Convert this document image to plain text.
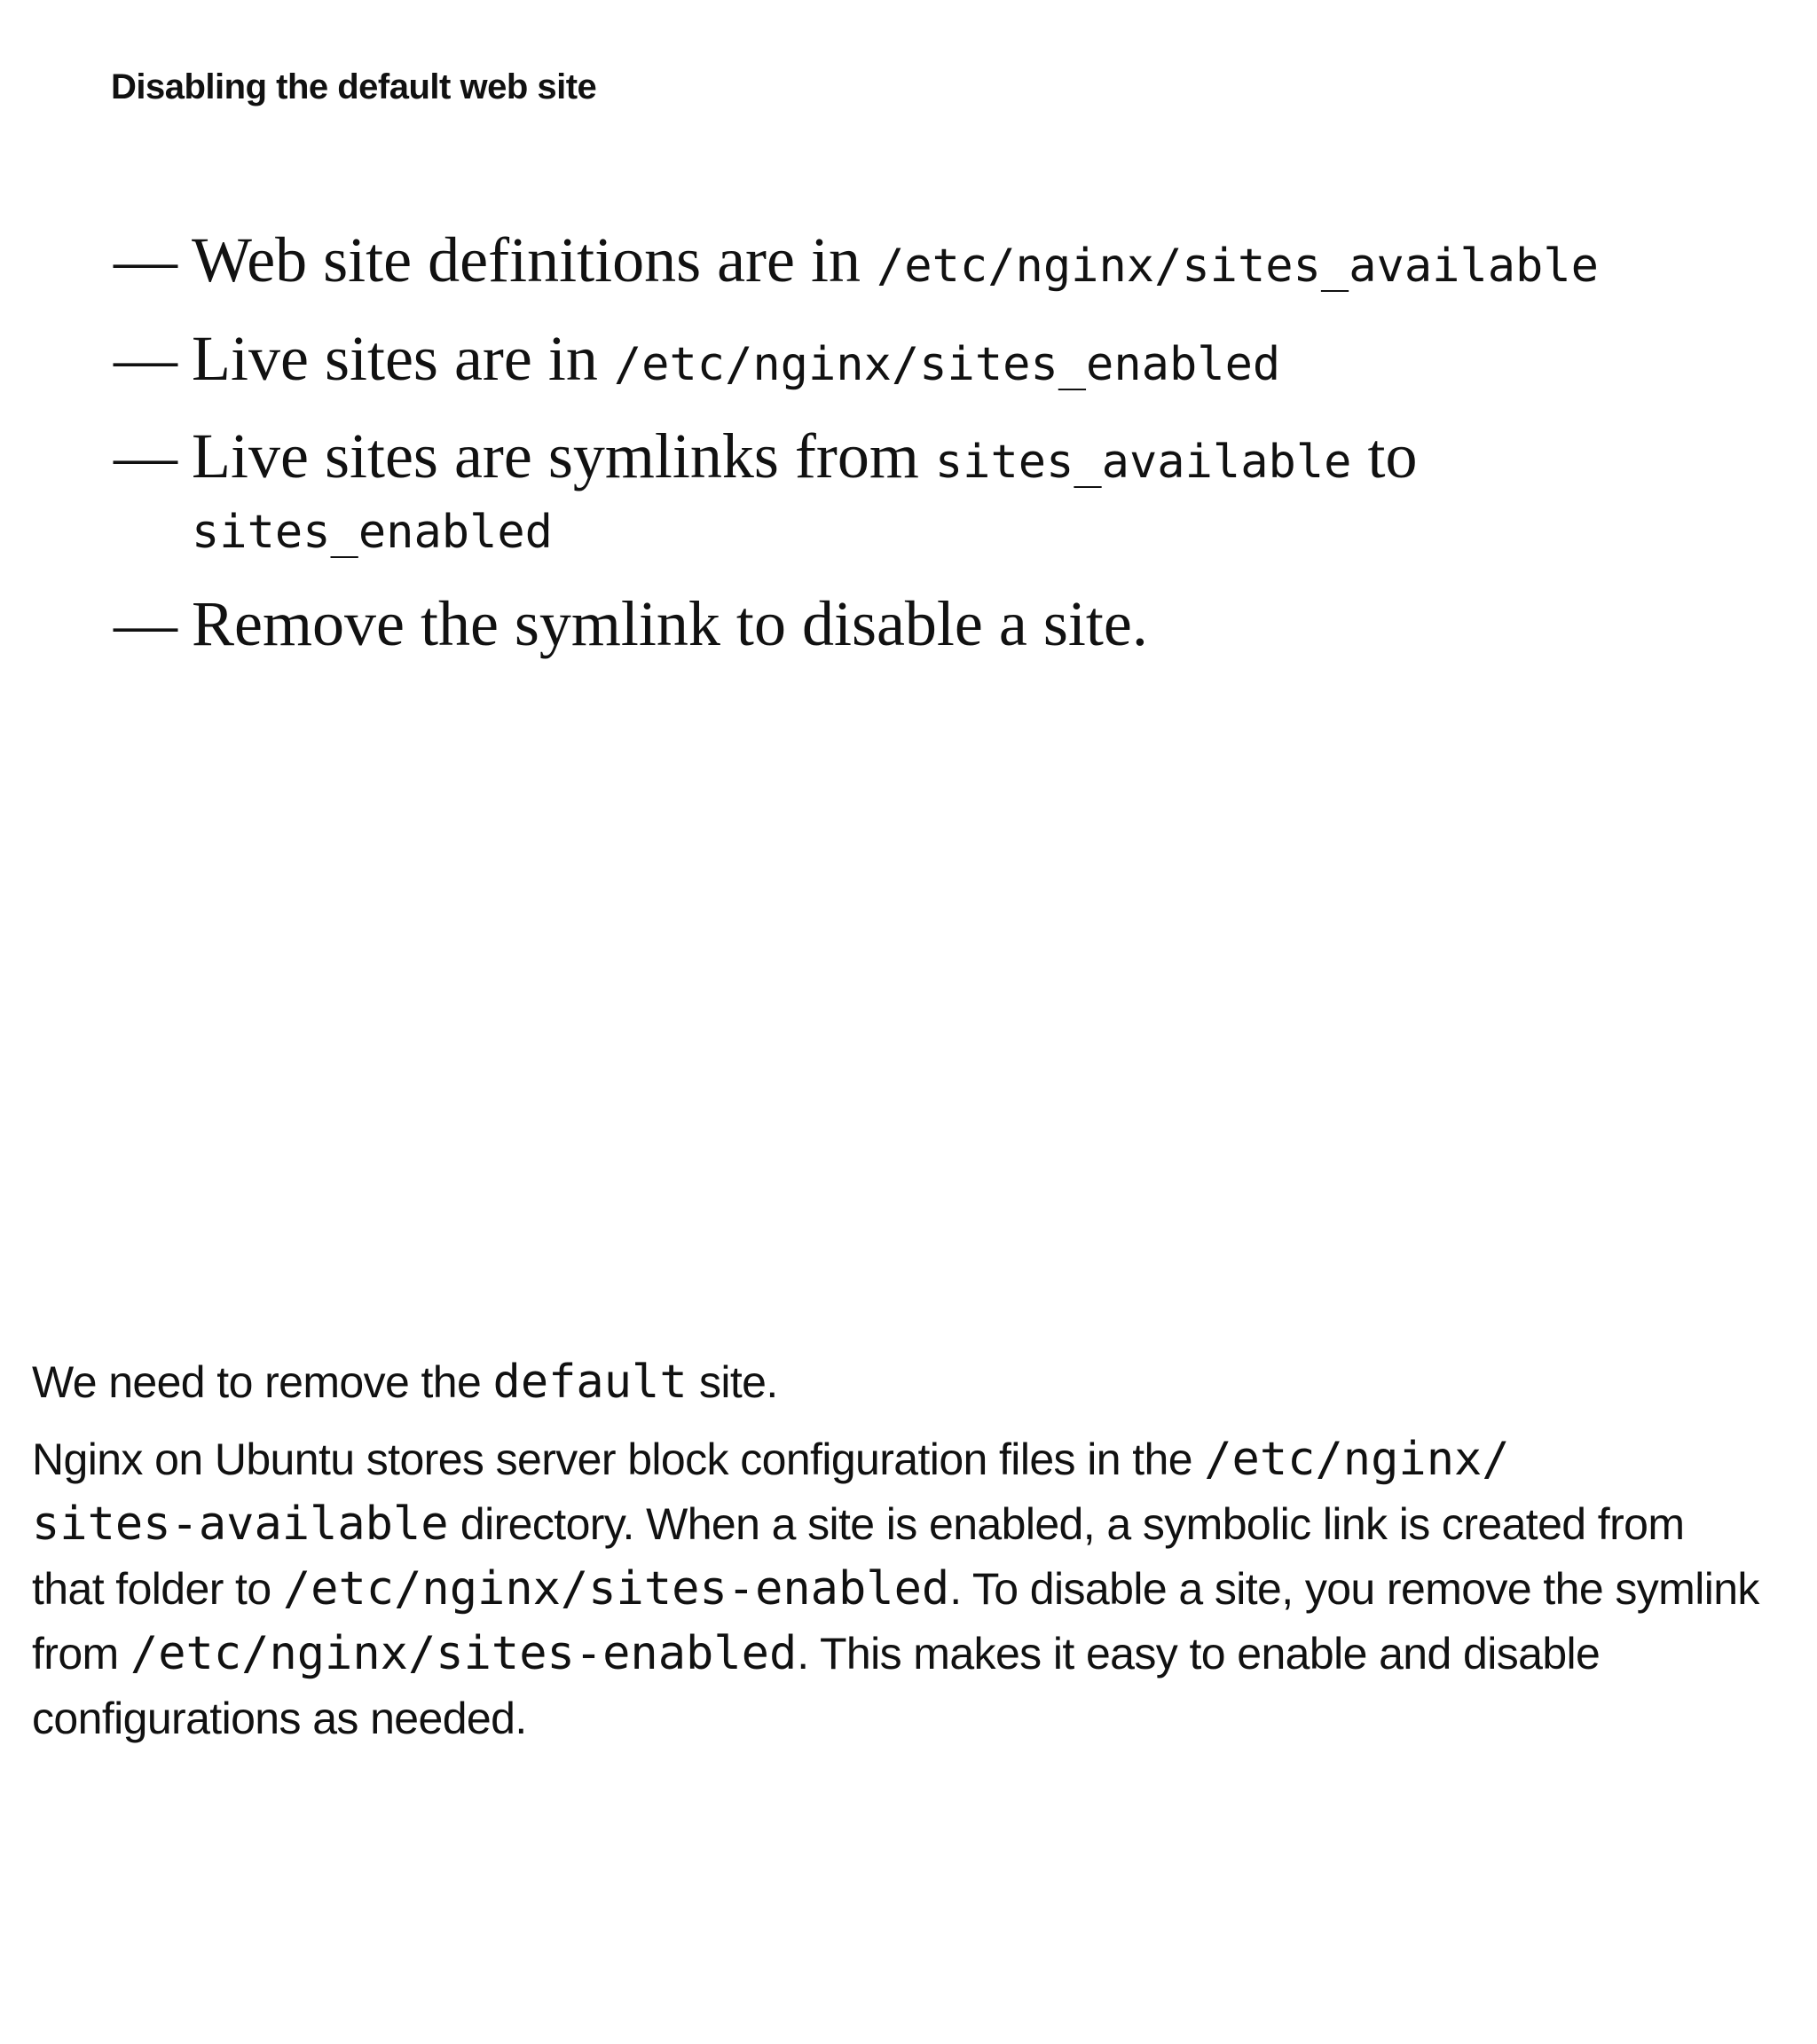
Disabling the default web site
— Web site definitions are in /etc/nginx/sites_available
— Live sites are in /etc/nginx/sites_enabled
— Live sites are symlinks from sites_available to
sites_enabled
— Remove the symlink to disable a site.

We need to remove the default site.

Nginx on Ubuntu stores server block configuration files in the /etc/nginx/
sites-available directory. When a site is enabled, a symbolic link is created from that folder to /etc/nginx/sites-enabled. To disable a site, you remove the symlink from /etc/nginx/sites-enabled. This makes it easy to enable and disable configurations as needed.
